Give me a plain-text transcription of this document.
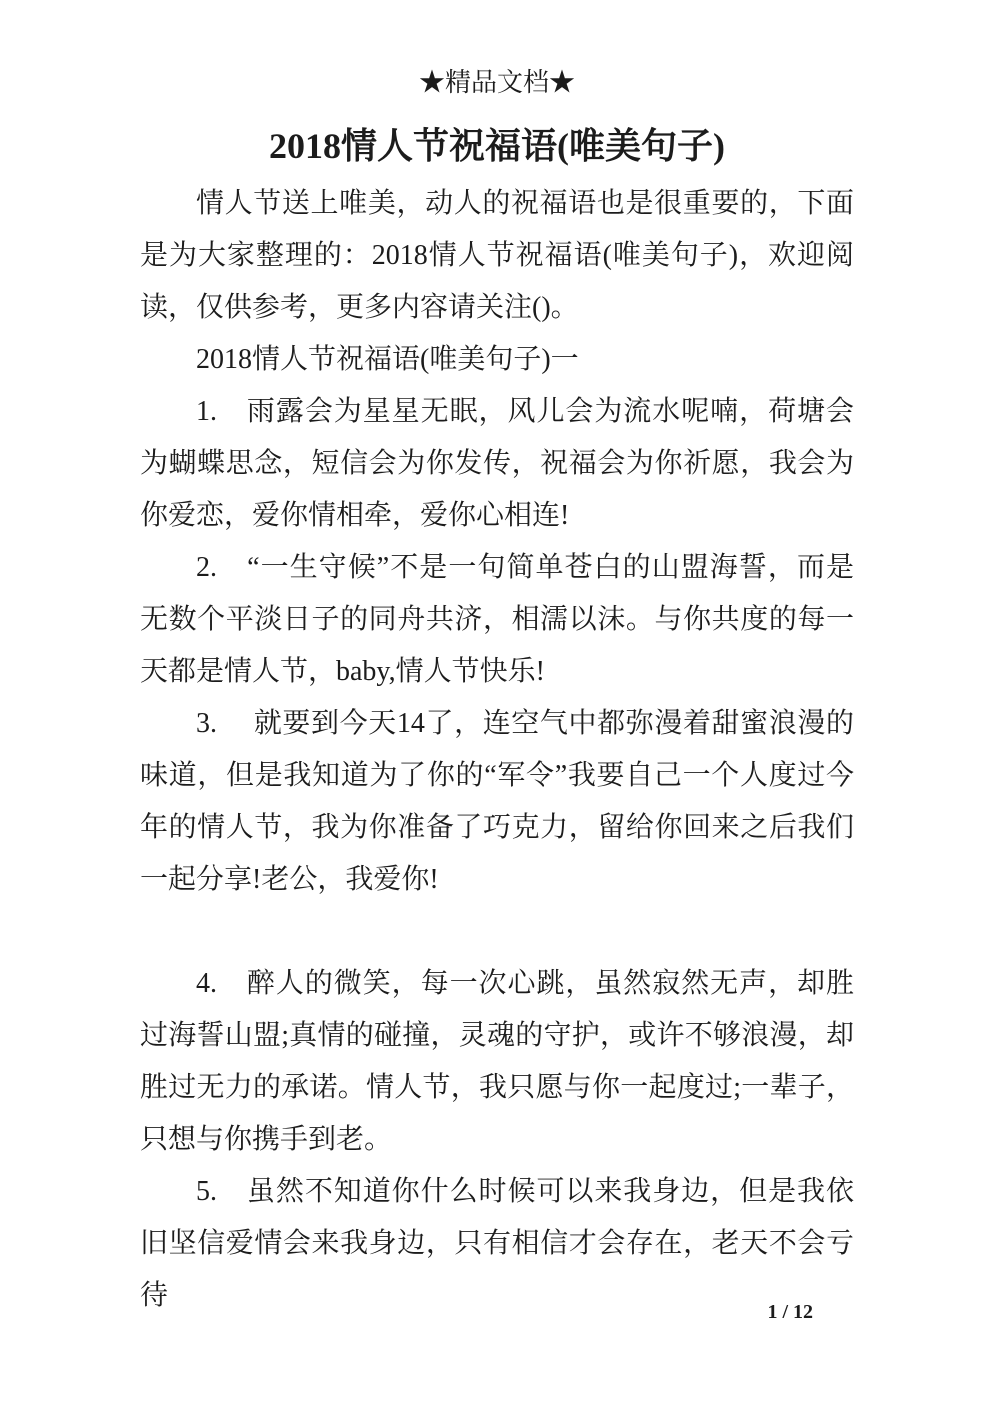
★精品文档★
2018情人节祝福语(唯美句子)

情人节送上唯美，动人的祝福语也是很重要的，下面是为大家整理的：2018情人节祝福语(唯美句子)，欢迎阅读，仅供参考，更多内容请关注()。

2018情人节祝福语(唯美句子)一

1.　雨露会为星星无眠，风儿会为流水呢喃，荷塘会为蝴蝶思念，短信会为你发传，祝福会为你祈愿，我会为你爱恋，爱你情相牵，爱你心相连!

2.　“一生守候”不是一句简单苍白的山盟海誓，而是无数个平淡日子的同舟共济，相濡以沫。与你共度的每一天都是情人节，baby,情人节快乐!

3.　 就要到今天14了，连空气中都弥漫着甜蜜浪漫的味道，但是我知道为了你的“军令”我要自己一个人度过今年的情人节，我为你准备了巧克力，留给你回来之后我们一起分享!老公，我爱你!

4.　醉人的微笑，每一次心跳，虽然寂然无声，却胜过海誓山盟;真情的碰撞，灵魂的守护，或许不够浪漫，却胜过无力的承诺。情人节，我只愿与你一起度过;一辈子，只想与你携手到老。

5.　虽然不知道你什么时候可以来我身边，但是我依旧坚信爱情会来我身边，只有相信才会存在，老天不会亏待

1 / 12
